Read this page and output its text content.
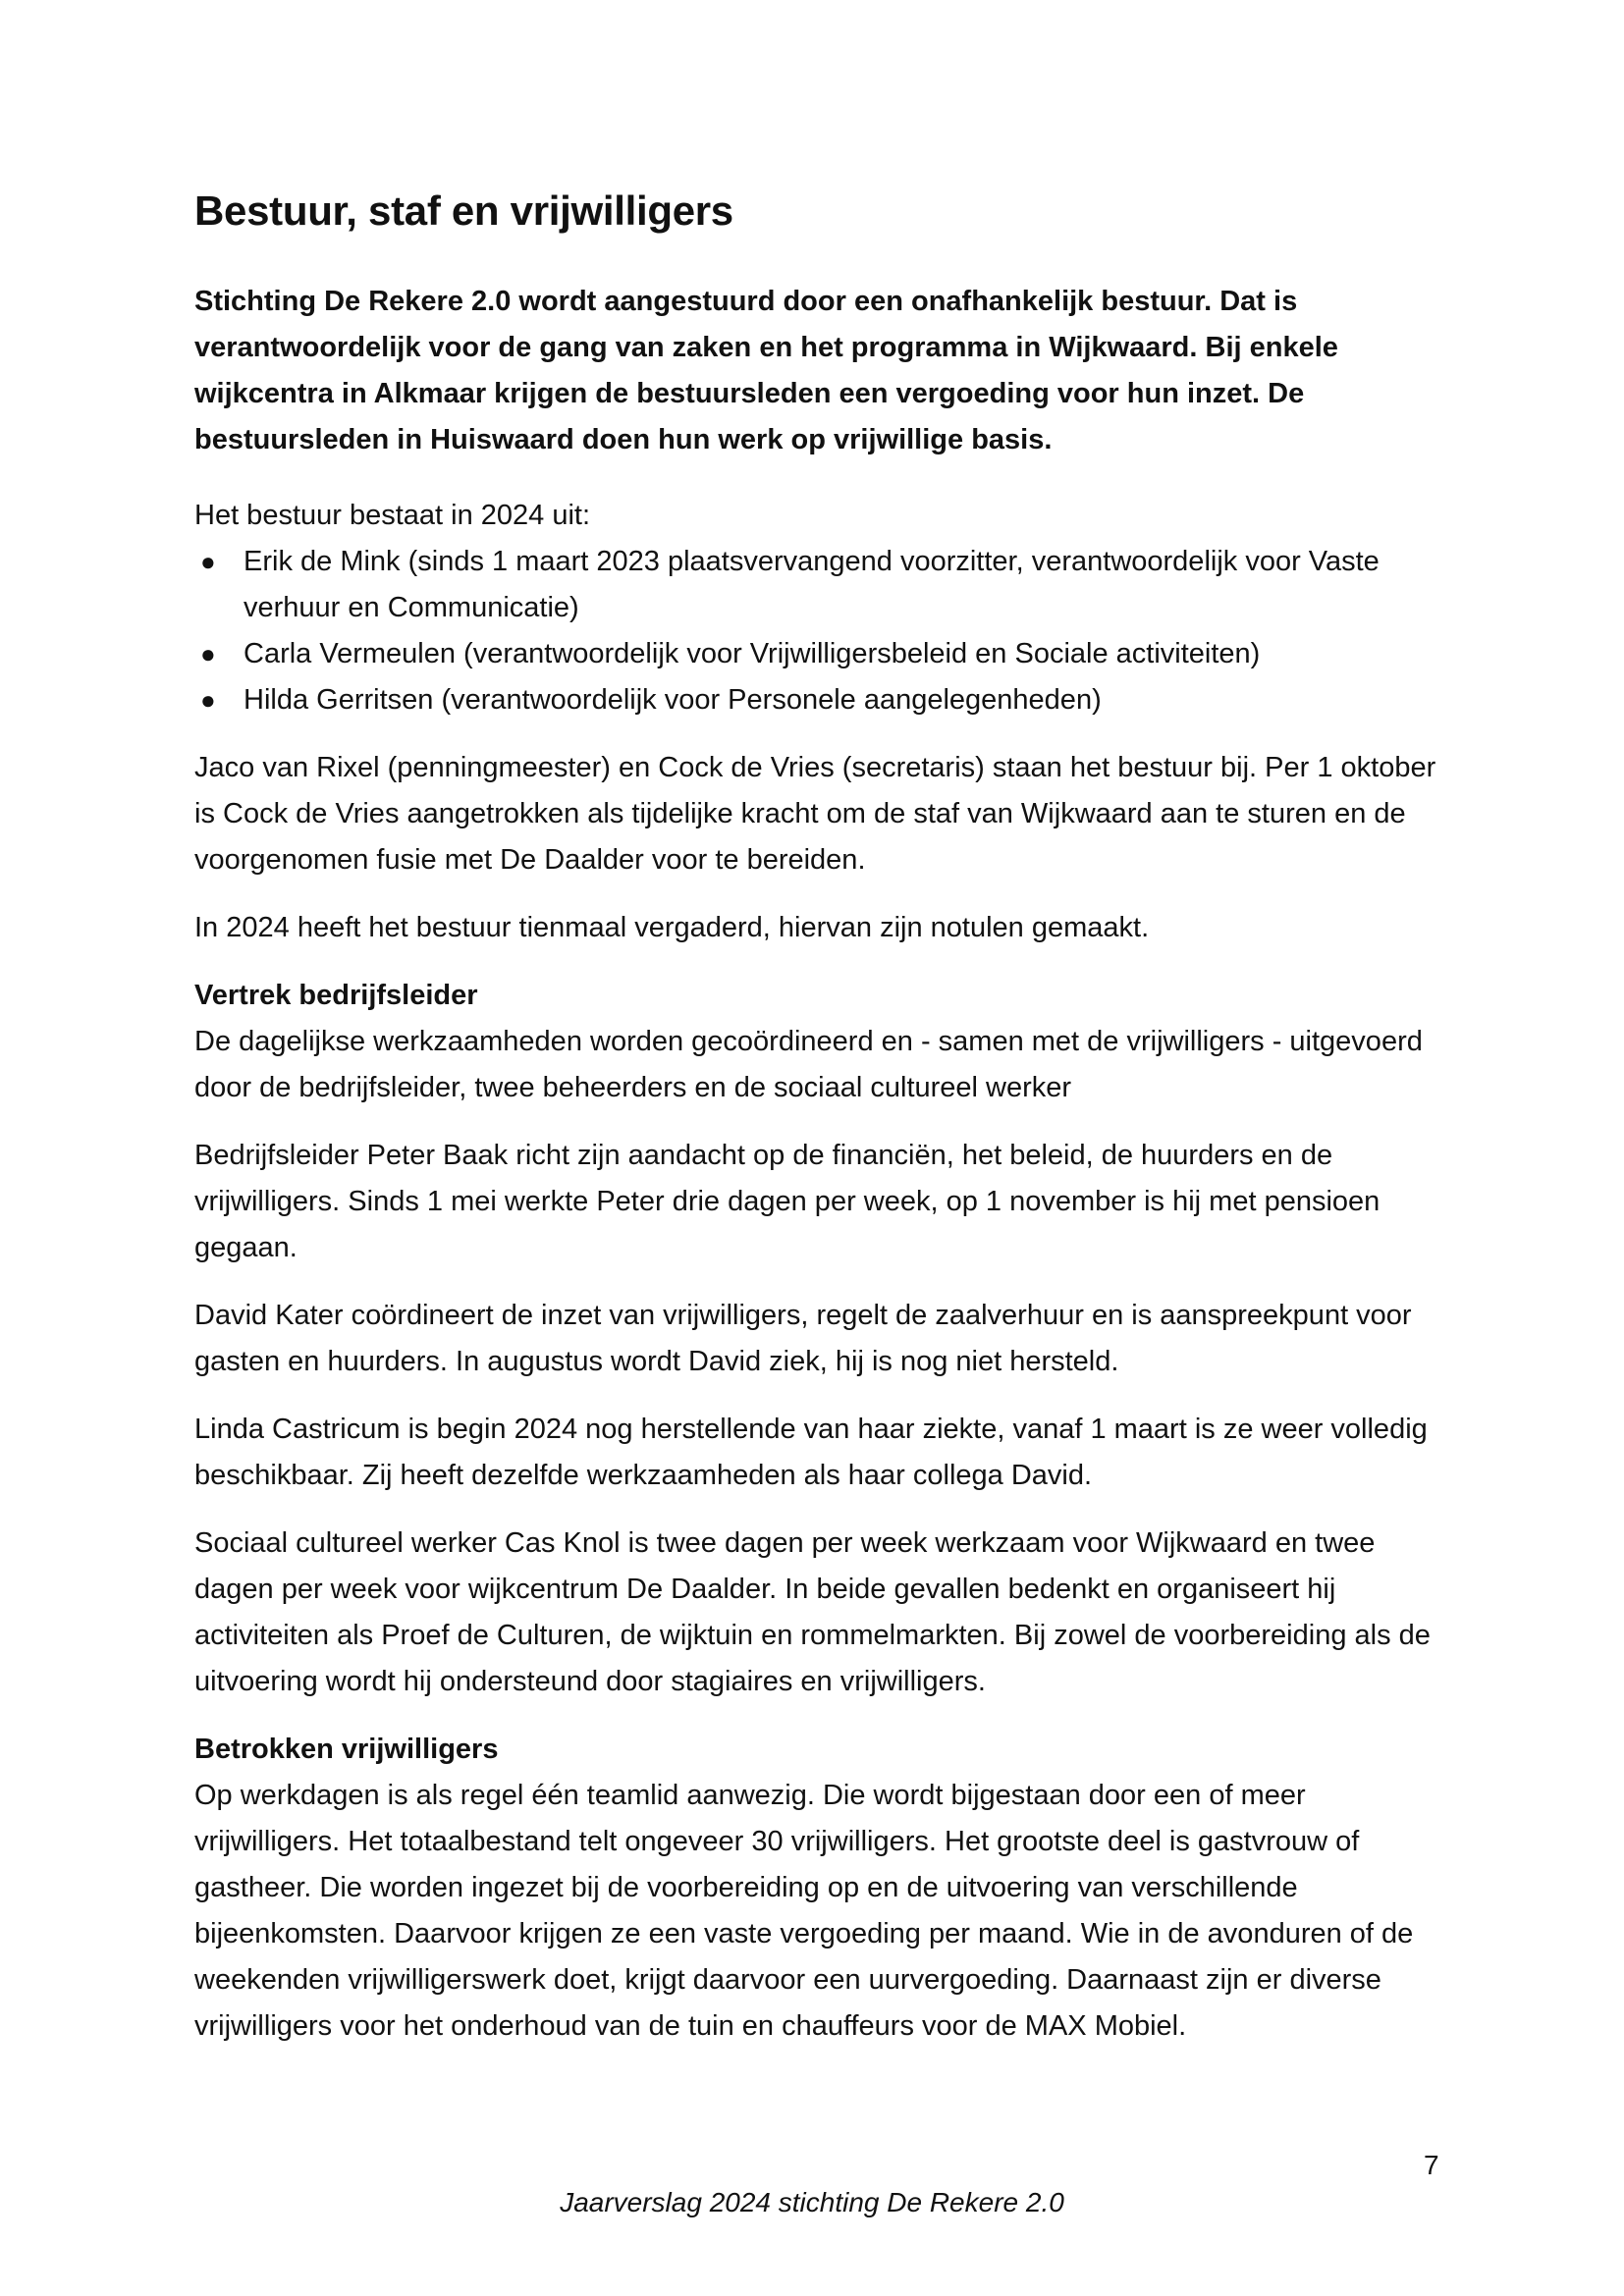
Bestuur, staf en vrijwilligers

Stichting De Rekere 2.0 wordt aangestuurd door een onafhankelijk bestuur. Dat is verantwoordelijk voor de gang van zaken en het programma in Wijkwaard. Bij enkele wijkcentra in Alkmaar krijgen de bestuursleden een vergoeding voor hun inzet. De bestuursleden in Huiswaard doen hun werk op vrijwillige basis.

Het bestuur bestaat in 2024 uit:

● Erik de Mink (sinds 1 maart 2023 plaatsvervangend voorzitter, verantwoordelijk voor Vaste verhuur en Communicatie)
● Carla Vermeulen (verantwoordelijk voor Vrijwilligersbeleid en Sociale activiteiten)
● Hilda Gerritsen (verantwoordelijk voor Personele aangelegenheden)

Jaco van Rixel (penningmeester) en Cock de Vries (secretaris) staan het bestuur bij. Per 1 oktober is Cock de Vries aangetrokken als tijdelijke kracht om de staf van Wijkwaard aan te sturen en de voorgenomen fusie met De Daalder voor te bereiden.

In 2024 heeft het bestuur tienmaal vergaderd, hiervan zijn notulen gemaakt.

Vertrek bedrijfsleider

De dagelijkse werkzaamheden worden gecoördineerd en - samen met de vrijwilligers - uitgevoerd door de bedrijfsleider, twee beheerders en de sociaal cultureel werker

Bedrijfsleider Peter Baak richt zijn aandacht op de financiën, het beleid, de huurders en de vrijwilligers. Sinds 1 mei werkte Peter drie dagen per week, op 1 november is hij met pensioen gegaan.

David Kater coördineert de inzet van vrijwilligers, regelt de zaalverhuur en is aanspreekpunt voor gasten en huurders. In augustus wordt David ziek, hij is nog niet hersteld.

Linda Castricum is begin 2024 nog herstellende van haar ziekte, vanaf 1 maart is ze weer volledig beschikbaar. Zij heeft dezelfde werkzaamheden als haar collega David.

Sociaal cultureel werker Cas Knol is twee dagen per week werkzaam voor Wijkwaard en twee dagen per week voor wijkcentrum De Daalder. In beide gevallen bedenkt en organiseert hij activiteiten als Proef de Culturen, de wijktuin en rommelmarkten. Bij zowel de voorbereiding als de uitvoering wordt hij ondersteund door stagiaires en vrijwilligers.

Betrokken vrijwilligers

Op werkdagen is als regel één teamlid aanwezig. Die wordt bijgestaan door een of meer vrijwilligers. Het totaalbestand telt ongeveer 30 vrijwilligers. Het grootste deel is gastvrouw of gastheer. Die worden ingezet bij de voorbereiding op en de uitvoering van verschillende bijeenkomsten. Daarvoor krijgen ze een vaste vergoeding per maand. Wie in de avonduren of de weekenden vrijwilligerswerk doet, krijgt daarvoor een uurvergoeding. Daarnaast zijn er diverse vrijwilligers voor het onderhoud van de tuin en chauffeurs voor de MAX Mobiel.

7
Jaarverslag 2024 stichting De Rekere 2.0
